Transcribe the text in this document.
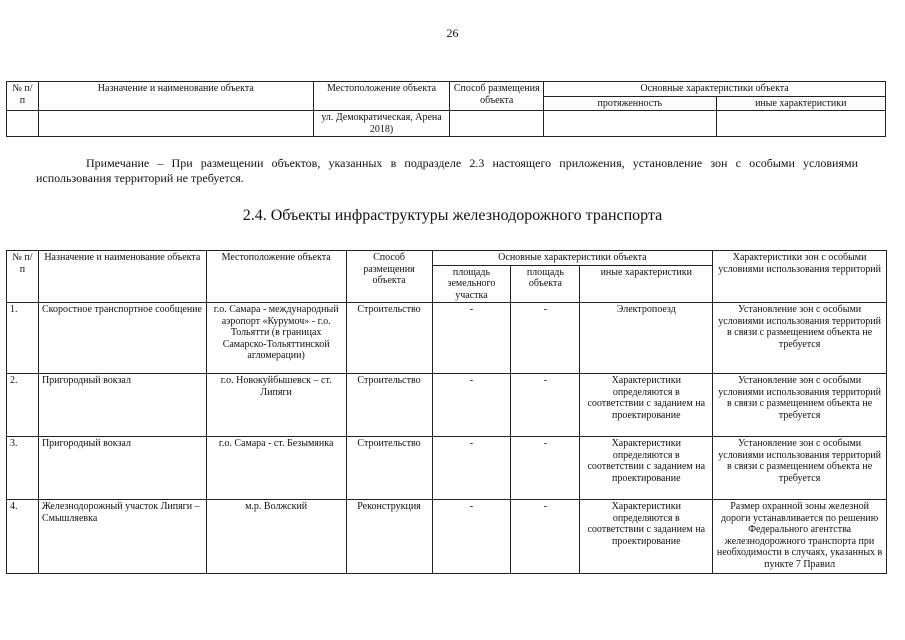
26
№ п/п	Назначение и наименование объекта	Местоположение объекта	Способ размещения объекта	Основные характеристики объекта	
				протяженность	иные характеристики
		ул. Демократическая, Арена 2018)			
Примечание – При размещении объектов, указанных в подразделе 2.3 настоящего приложения, установление зон с особыми условиями использования территорий не требуется.
2.4. Объекты инфраструктуры железнодорожного транспорта
№ п/п	Назначение и наименование объекта	Местоположение объекта	Способ размещения объекта	Основные характеристики объекта			Характеристики зон с особыми условиями использования территорий
				площадь земельного участка	площадь объекта	иные характеристики	
1.	Скоростное транспортное сообщение	г.о. Самара - международный аэропорт «Курумоч» - г.о. Тольятти (в границах Самарско-Тольяттинской агломерации)	Строительство	-	-	Электропоезд	Установление зон с особыми условиями использования территорий в связи с размещением объекта не требуется
2.	Пригородный вокзал	г.о. Новокуйбышевск – ст. Липяги	Строительство	-	-	Характеристики определяются в соответствии с заданием на проектирование	Установление зон с особыми условиями использования территорий в связи с размещением объекта не требуется
3.	Пригородный вокзал	г.о. Самара - ст. Безымянка	Строительство	-	-	Характеристики определяются в соответствии с заданием на проектирование	Установление зон с особыми условиями использования территорий в связи с размещением объекта не требуется
4.	Железнодорожный участок Липяги –Смышляевка	м.р. Волжский	Реконструкция	-	-	Характеристики определяются в соответствии с заданием на проектирование	Размер охранной зоны железной дороги устанавливается по решению Федерального агентства железнодорожного транспорта при необходимости в случаях, указанных в пункте 7 Правил
